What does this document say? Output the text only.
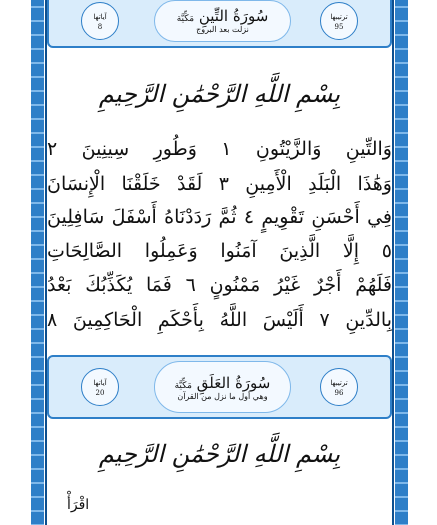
آياتها
8
سُورَةُ التِّينِ مَكِّيَّة
نزلت بعد البروج
ترتيبها
95
بِسْمِ اللَّهِ الرَّحْمَٰنِ الرَّحِيمِ
وَالتِّينِ وَالزَّيْتُونِ ١ وَطُورِ سِينِينَ ٢
وَهَٰذَا الْبَلَدِ الْأَمِينِ ٣ لَقَدْ خَلَقْنَا الْإِنسَانَ
فِي أَحْسَنِ تَقْوِيمٍ ٤ ثُمَّ رَدَدْنَاهُ أَسْفَلَ سَافِلِينَ
٥ إِلَّا الَّذِينَ آمَنُوا وَعَمِلُوا الصَّالِحَاتِ
فَلَهُمْ أَجْرٌ غَيْرُ مَمْنُونٍ ٦ فَمَا يُكَذِّبُكَ بَعْدُ
بِالدِّينِ ٧ أَلَيْسَ اللَّهُ بِأَحْكَمِ الْحَاكِمِينَ ٨
آياتها
20
سُورَةُ العَلَقِ مَكِّيَّة
وهي أول ما نزل من القرآن
ترتيبها
96
بِسْمِ اللَّهِ الرَّحْمَٰنِ الرَّحِيمِ
اقْرَأْ
